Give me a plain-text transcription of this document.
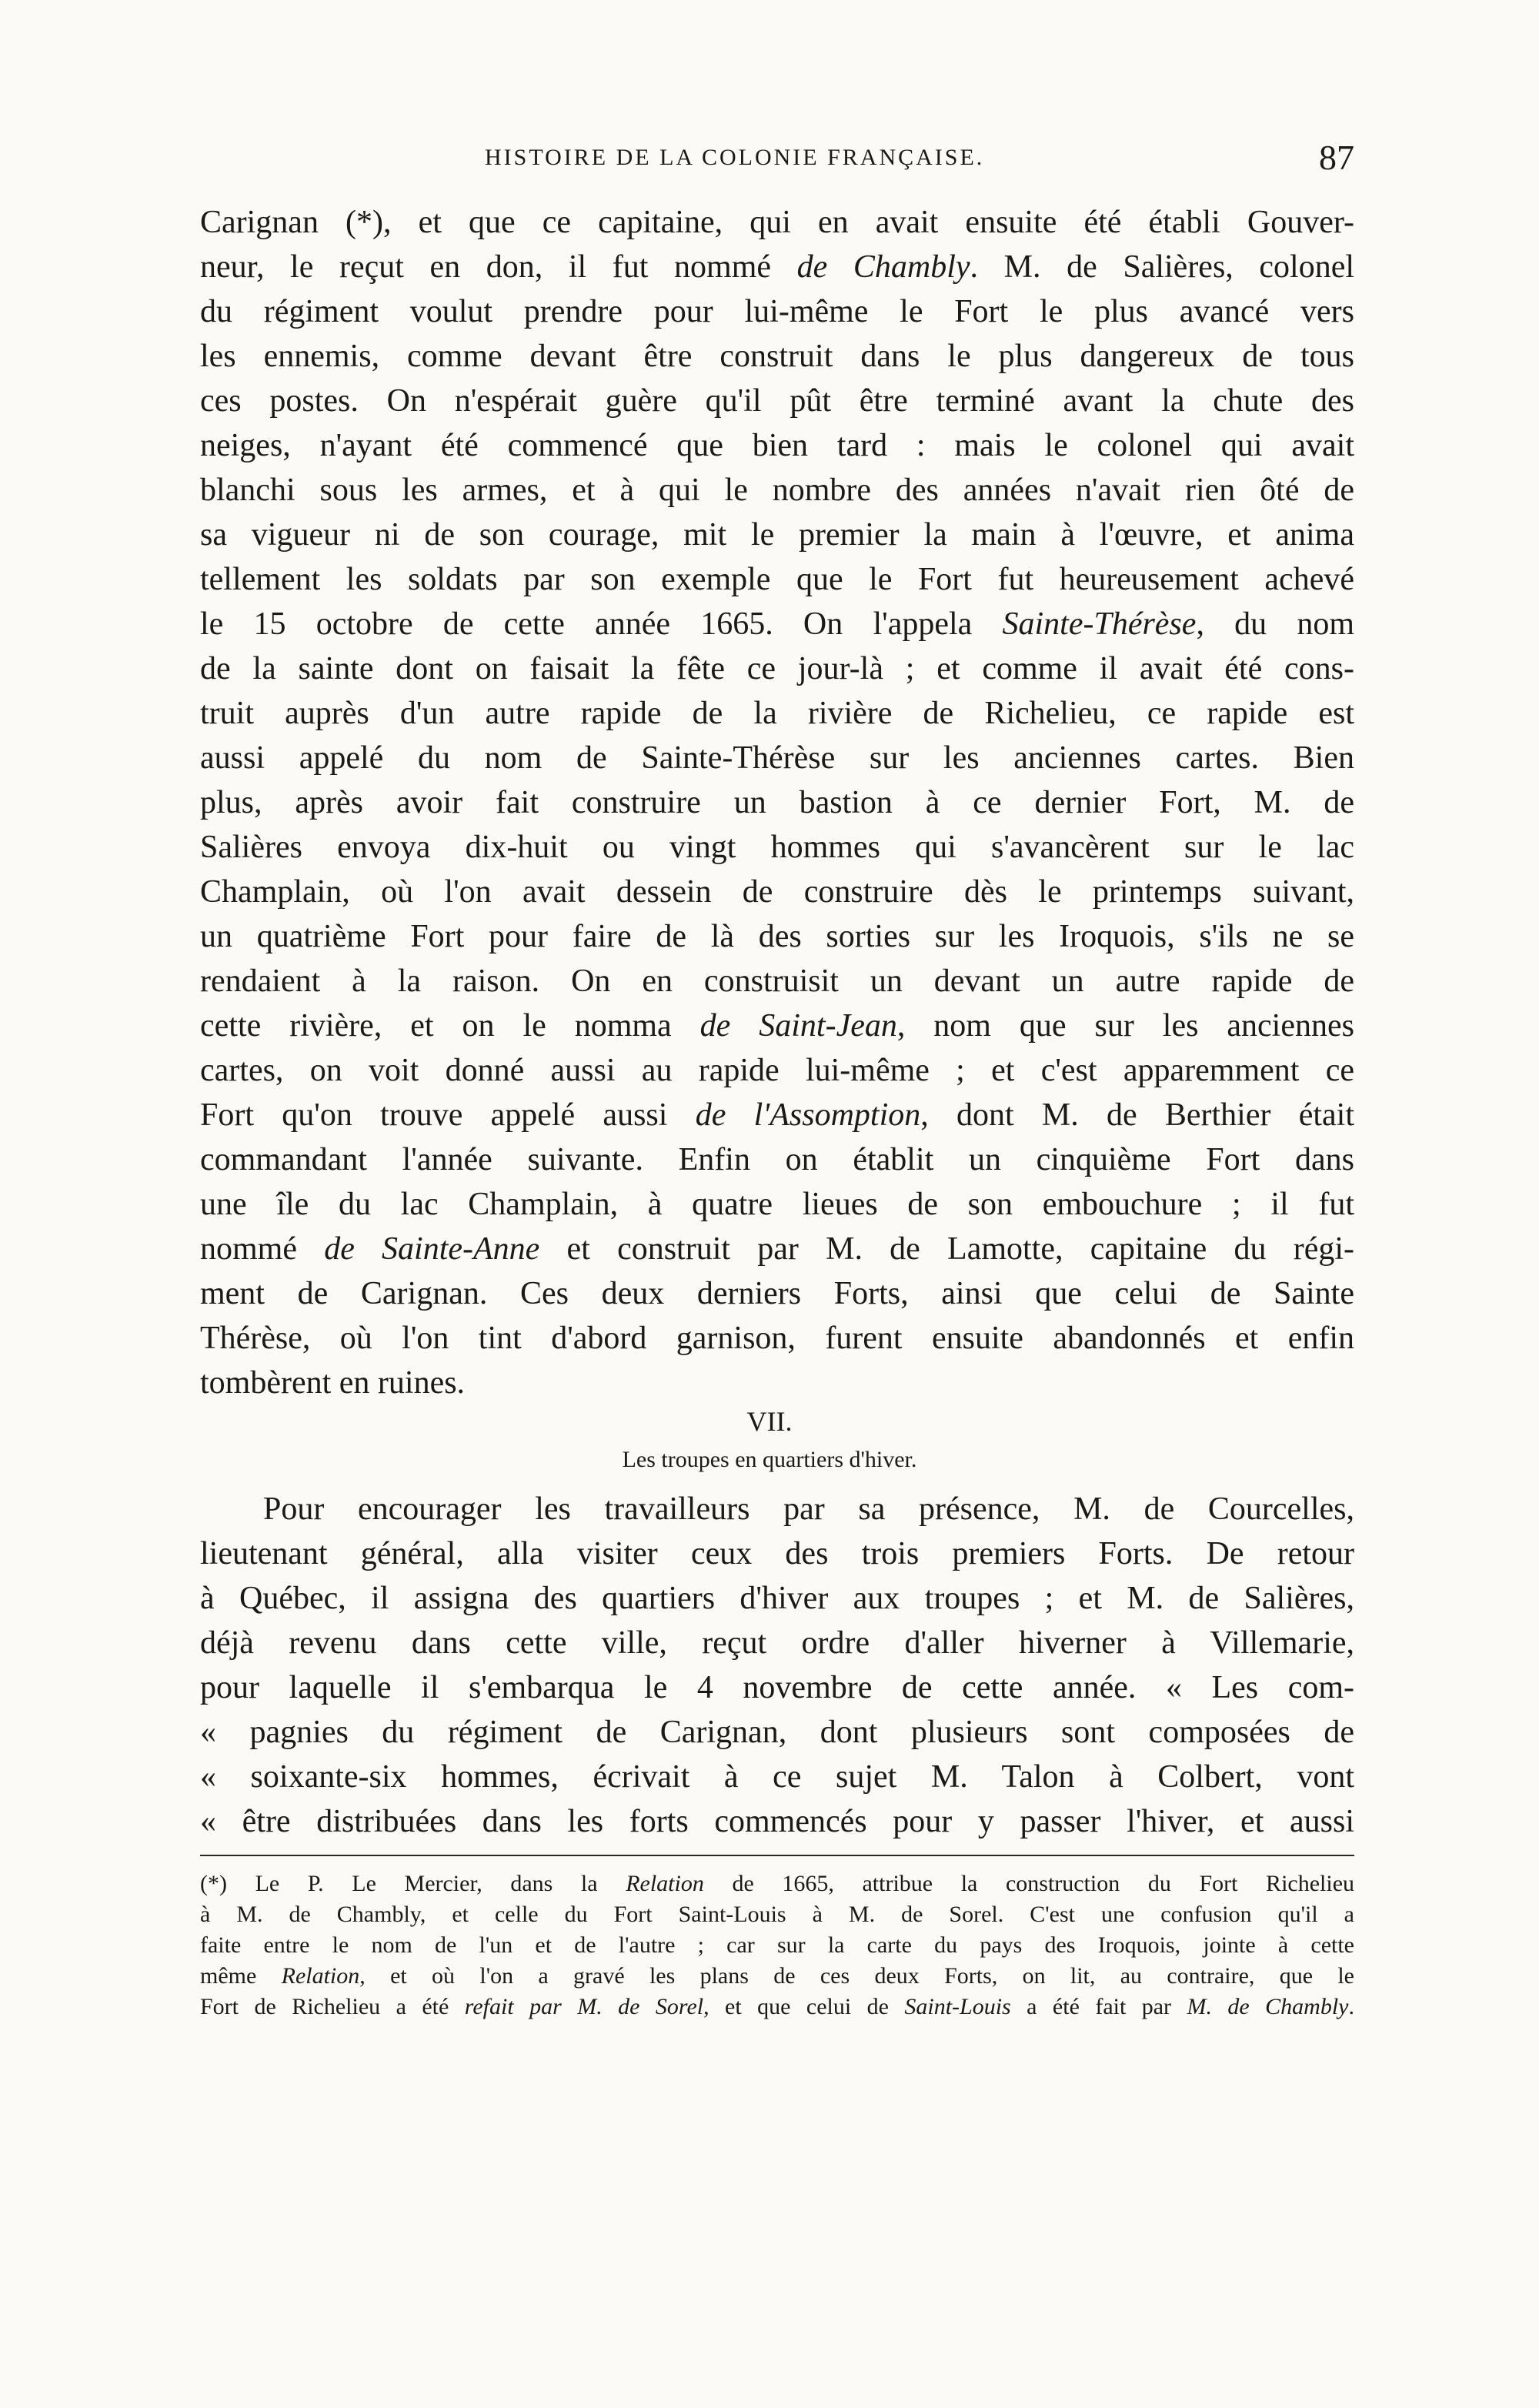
HISTOIRE DE LA COLONIE FRANÇAISE.	87
Carignan (*), et que ce capitaine, qui en avait ensuite été établi Gouver-
neur, le reçut en don, il fut nommé de Chambly. M. de Salières, colonel
du régiment voulut prendre pour lui-même le Fort le plus avancé vers
les ennemis, comme devant être construit dans le plus dangereux de tous
ces postes. On n'espérait guère qu'il pût être terminé avant la chute des
neiges, n'ayant été commencé que bien tard : mais le colonel qui avait
blanchi sous les armes, et à qui le nombre des années n'avait rien ôté de
sa vigueur ni de son courage, mit le premier la main à l'œuvre, et anima
tellement les soldats par son exemple que le Fort fut heureusement achevé
le 15 octobre de cette année 1665. On l'appela Sainte-Thérèse, du nom
de la sainte dont on faisait la fête ce jour-là ; et comme il avait été cons-
truit auprès d'un autre rapide de la rivière de Richelieu, ce rapide est
aussi appelé du nom de Sainte-Thérèse sur les anciennes cartes. Bien
plus, après avoir fait construire un bastion à ce dernier Fort, M. de
Salières envoya dix-huit ou vingt hommes qui s'avancèrent sur le lac
Champlain, où l'on avait dessein de construire dès le printemps suivant,
un quatrième Fort pour faire de là des sorties sur les Iroquois, s'ils ne se
rendaient à la raison. On en construisit un devant un autre rapide de
cette rivière, et on le nomma de Saint-Jean, nom que sur les anciennes
cartes, on voit donné aussi au rapide lui-même ; et c'est apparemment ce
Fort qu'on trouve appelé aussi de l'Assomption, dont M. de Berthier était
commandant l'année suivante. Enfin on établit un cinquième Fort dans
une île du lac Champlain, à quatre lieues de son embouchure ; il fut
nommé de Sainte-Anne et construit par M. de Lamotte, capitaine du régi-
ment de Carignan. Ces deux derniers Forts, ainsi que celui de Sainte
Thérèse, où l'on tint d'abord garnison, furent ensuite abandonnés et enfin
tombèrent en ruines.
VII.
Les troupes en quartiers d'hiver.
Pour encourager les travailleurs par sa présence, M. de Courcelles,
lieutenant général, alla visiter ceux des trois premiers Forts. De retour
à Québec, il assigna des quartiers d'hiver aux troupes ; et M. de Salières,
déjà revenu dans cette ville, reçut ordre d'aller hiverner à Villemarie,
pour laquelle il s'embarqua le 4 novembre de cette année. « Les com-
« pagnies du régiment de Carignan, dont plusieurs sont composées de
« soixante-six hommes, écrivait à ce sujet M. Talon à Colbert, vont
« être distribuées dans les forts commencés pour y passer l'hiver, et aussi
(*) Le P. Le Mercier, dans la Relation de 1665, attribue la construction du Fort Richelieu
à M. de Chambly, et celle du Fort Saint-Louis à M. de Sorel. C'est une confusion qu'il a
faite entre le nom de l'un et de l'autre ; car sur la carte du pays des Iroquois, jointe à cette
même Relation, et où l'on a gravé les plans de ces deux Forts, on lit, au contraire, que le
Fort de Richelieu a été refait par M. de Sorel, et que celui de Saint-Louis a été fait par M. de Chambly.
